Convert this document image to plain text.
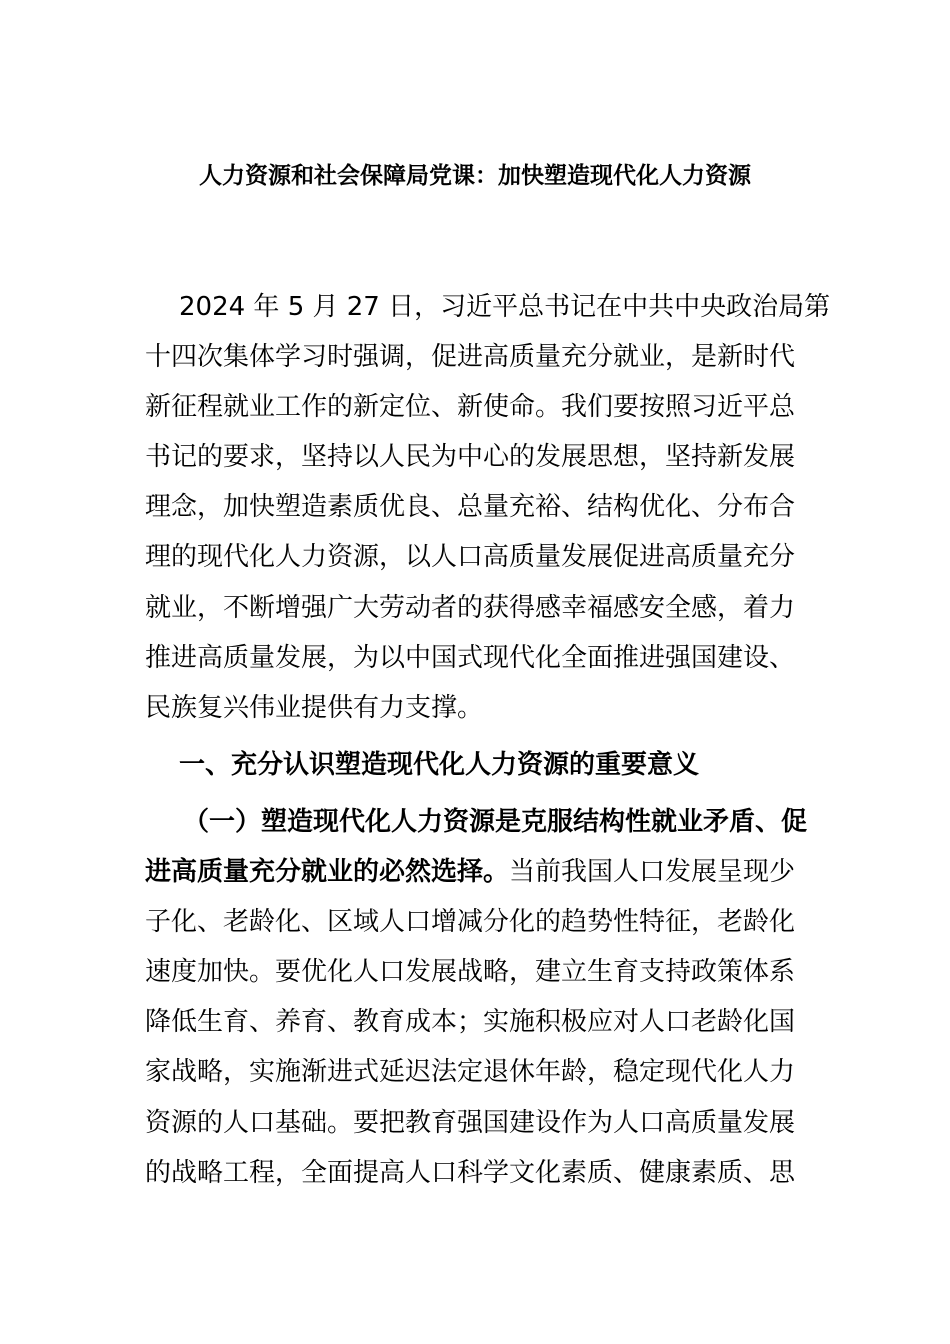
人力资源和社会保障局党课：加快塑造现代化人力资源
2024 年 5 月 27 日，习近平总书记在中共中央政治局第
十四次集体学习时强调，促进高质量充分就业，是新时代
新征程就业工作的新定位、新使命。我们要按照习近平总
书记的要求，坚持以人民为中心的发展思想，坚持新发展
理念，加快塑造素质优良、总量充裕、结构优化、分布合
理的现代化人力资源，以人口高质量发展促进高质量充分
就业，不断增强广大劳动者的获得感幸福感安全感，着力
推进高质量发展，为以中国式现代化全面推进强国建设、
民族复兴伟业提供有力支撑。
一、充分认识塑造现代化人力资源的重要意义
（一）塑造现代化人力资源是克服结构性就业矛盾、促
进高质量充分就业的必然选择。当前我国人口发展呈现少
子化、老龄化、区域人口增减分化的趋势性特征，老龄化
速度加快。要优化人口发展战略，建立生育支持政策体系
降低生育、养育、教育成本；实施积极应对人口老龄化国
家战略，实施渐进式延迟法定退休年龄，稳定现代化人力
资源的人口基础。要把教育强国建设作为人口高质量发展
的战略工程，全面提高人口科学文化素质、健康素质、思
